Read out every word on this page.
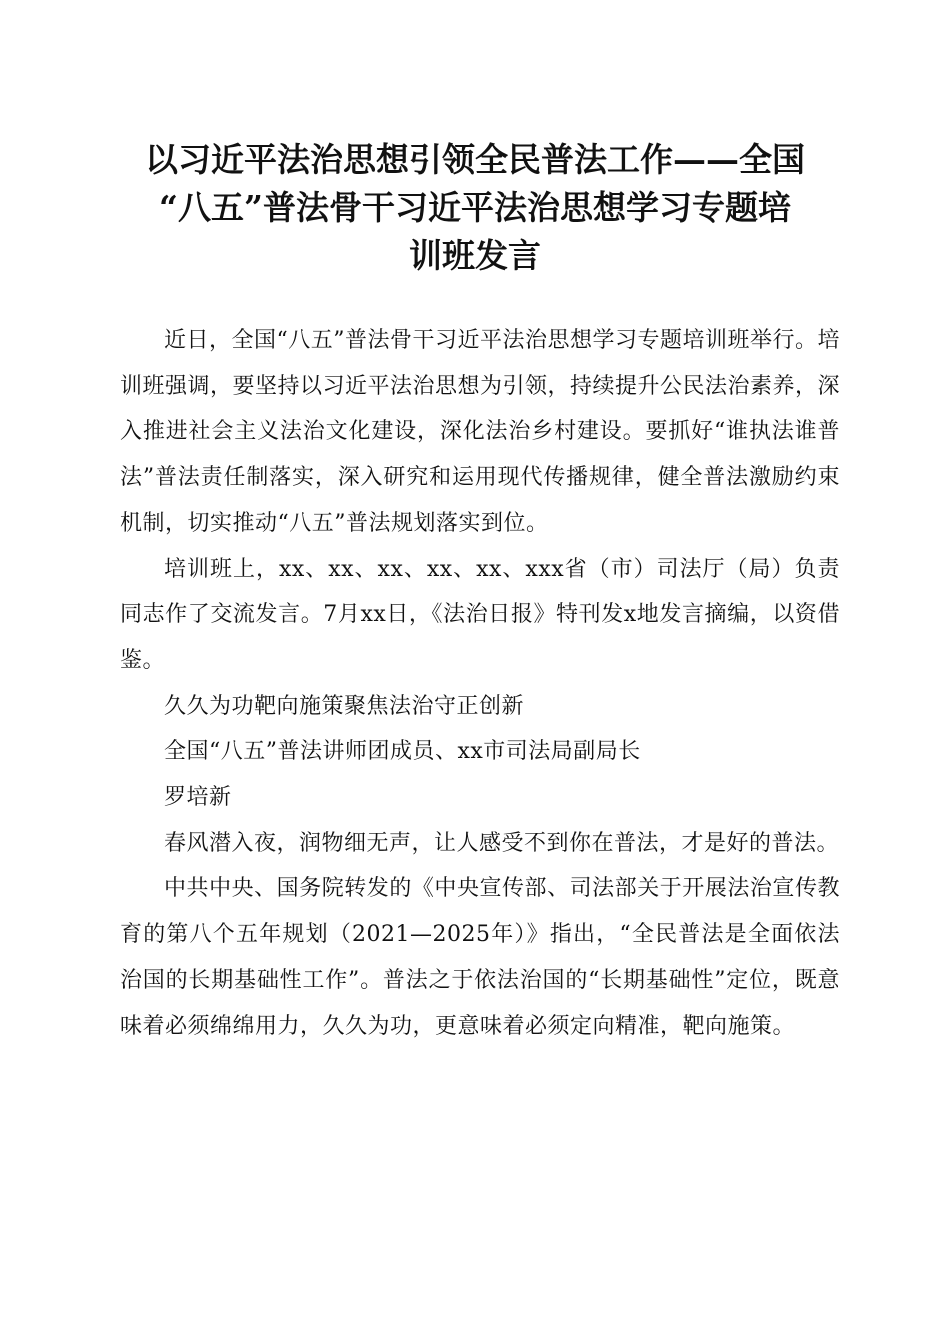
以习近平法治思想引领全民普法工作——全国
“八五”普法骨干习近平法治思想学习专题培
训班发言

近日，全国“八五”普法骨干习近平法治思想学习专题培训班举行。培训班强调，要坚持以习近平法治思想为引领，持续提升公民法治素养，深入推进社会主义法治文化建设，深化法治乡村建设。要抓好“谁执法谁普法”普法责任制落实，深入研究和运用现代传播规律，健全普法激励约束机制，切实推动“八五”普法规划落实到位。

培训班上，xx、xx、xx、xx、xx、xxx省（市）司法厅（局）负责同志作了交流发言。7月xx日，《法治日报》特刊发x地发言摘编，以资借鉴。

久久为功靶向施策聚焦法治守正创新

全国“八五”普法讲师团成员、xx市司法局副局长

罗培新

春风潜入夜，润物细无声，让人感受不到你在普法，才是好的普法。

中共中央、国务院转发的《中央宣传部、司法部关于开展法治宣传教育的第八个五年规划（2021—2025年）》指出，“全民普法是全面依法治国的长期基础性工作”。普法之于依法治国的“长期基础性”定位，既意味着必须绵绵用力，久久为功，更意味着必须定向精准，靶向施策。
